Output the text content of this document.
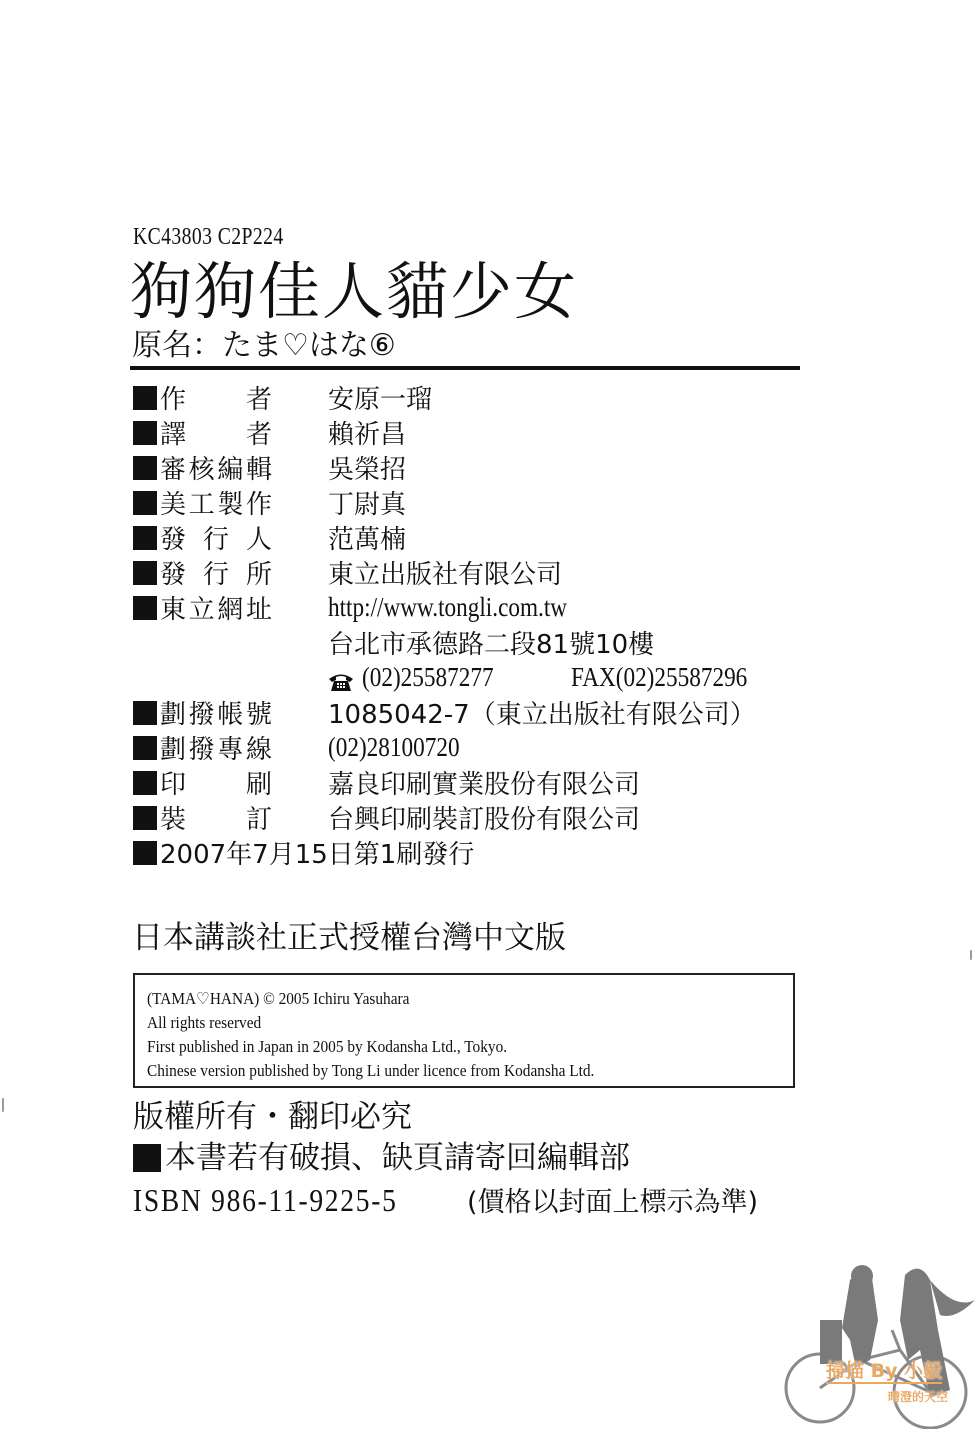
KC43803 C2P224
狗狗佳人貓少女
原名：たま♡はな⑥
作　者 安原一瑠
譯　者 賴祈昌
審核編輯 吳榮招
美工製作 丁尉真
發行人 范萬楠
發行所 東立出版社有限公司
東立網址 http://www.tongli.com.tw
台北市承德路二段81號10樓
(02)25587277	FAX(02)25587296
劃撥帳號 1085042-7（東立出版社有限公司）
劃撥專線 (02)28100720
印　刷 嘉良印刷實業股份有限公司
裝　訂 台興印刷裝訂股份有限公司
2007年7月15日第1刷發行
日本講談社正式授權台灣中文版
(TAMA♡HANA) © 2005 Ichiru Yasuhara
All rights reserved
First published in Japan in 2005 by Kodansha Ltd., Tokyo.
Chinese version published by Tong Li under licence from Kodansha Ltd.
版權所有・翻印必究
本書若有破損、缺頁請寄回編輯部
ISBN 986-11-9225-5	(價格以封面上標示為準)
掃描 By 小毅
晴澄的天空
